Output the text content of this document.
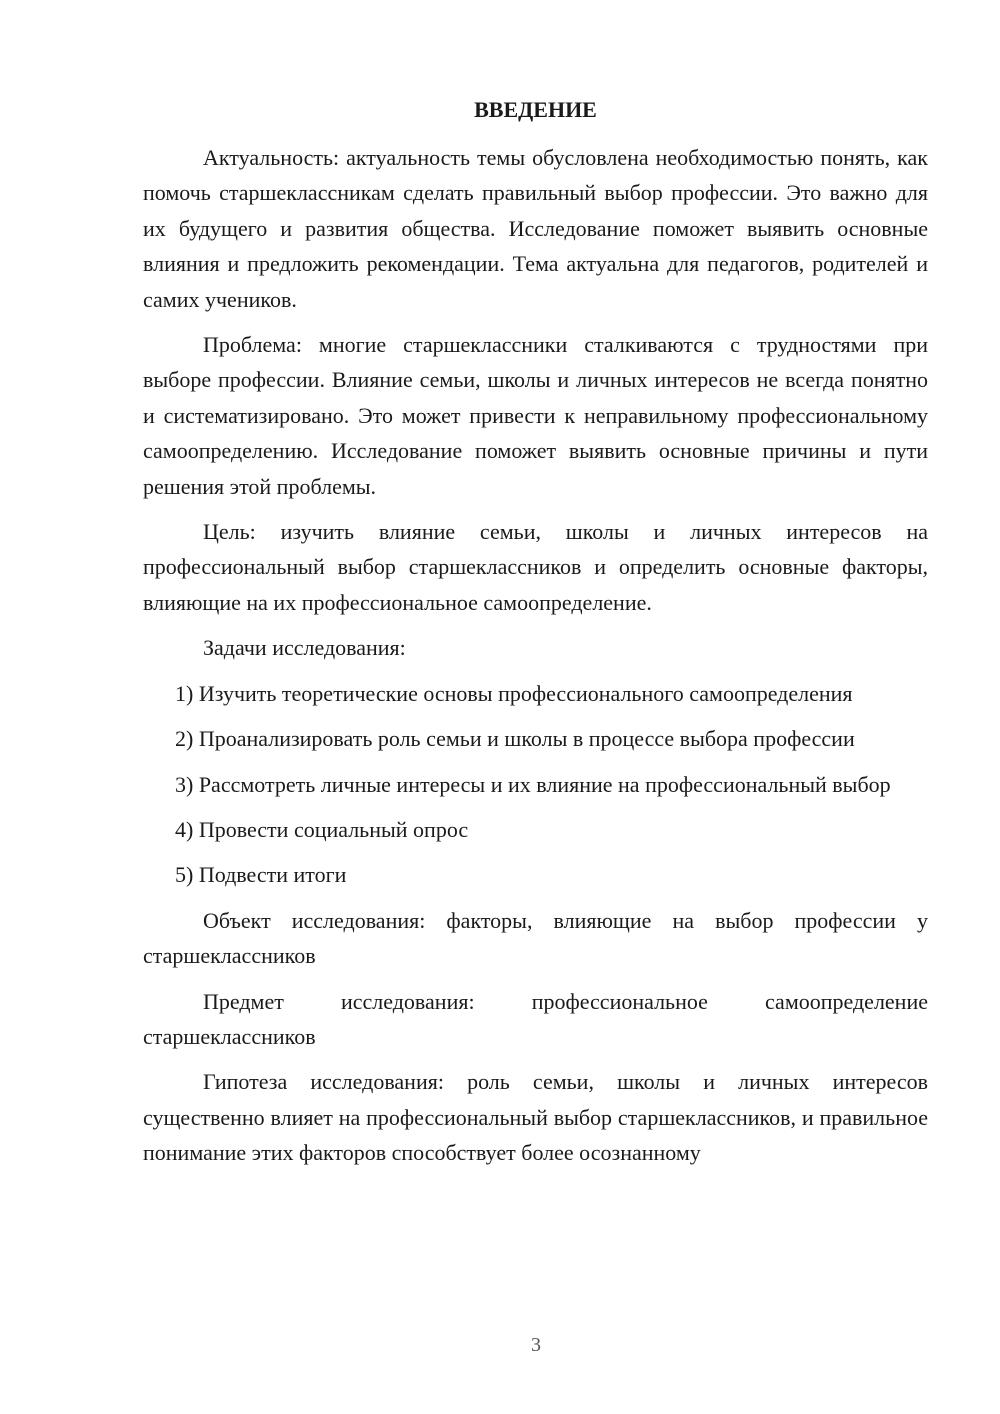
ВВЕДЕНИЕ

Актуальность: актуальность темы обусловлена необходимостью понять, как помочь старшеклассникам сделать правильный выбор профессии. Это важно для их будущего и развития общества. Исследование поможет выявить основные влияния и предложить рекомендации. Тема актуальна для педагогов, родителей и самих учеников.

Проблема: многие старшеклассники сталкиваются с трудностями при выборе профессии. Влияние семьи, школы и личных интересов не всегда понятно и систематизировано. Это может привести к неправильному профессиональному самоопределению. Исследование поможет выявить основные причины и пути решения этой проблемы.

Цель: изучить влияние семьи, школы и личных интересов на профессиональный выбор старшеклассников и определить основные факторы, влияющие на их профессиональное самоопределение.

Задачи исследования:

1) Изучить теоретические основы профессионального самоопределения

2) Проанализировать роль семьи и школы в процессе выбора профессии

3) Рассмотреть личные интересы и их влияние на профессиональный выбор

4) Провести социальный опрос

5) Подвести итоги

Объект исследования: факторы, влияющие на выбор профессии у старшеклассников

Предмет исследования: профессиональное самоопределение старшеклассников

Гипотеза исследования: роль семьи, школы и личных интересов существенно влияет на профессиональный выбор старшеклассников, и правильное понимание этих факторов способствует более осознанному

3
